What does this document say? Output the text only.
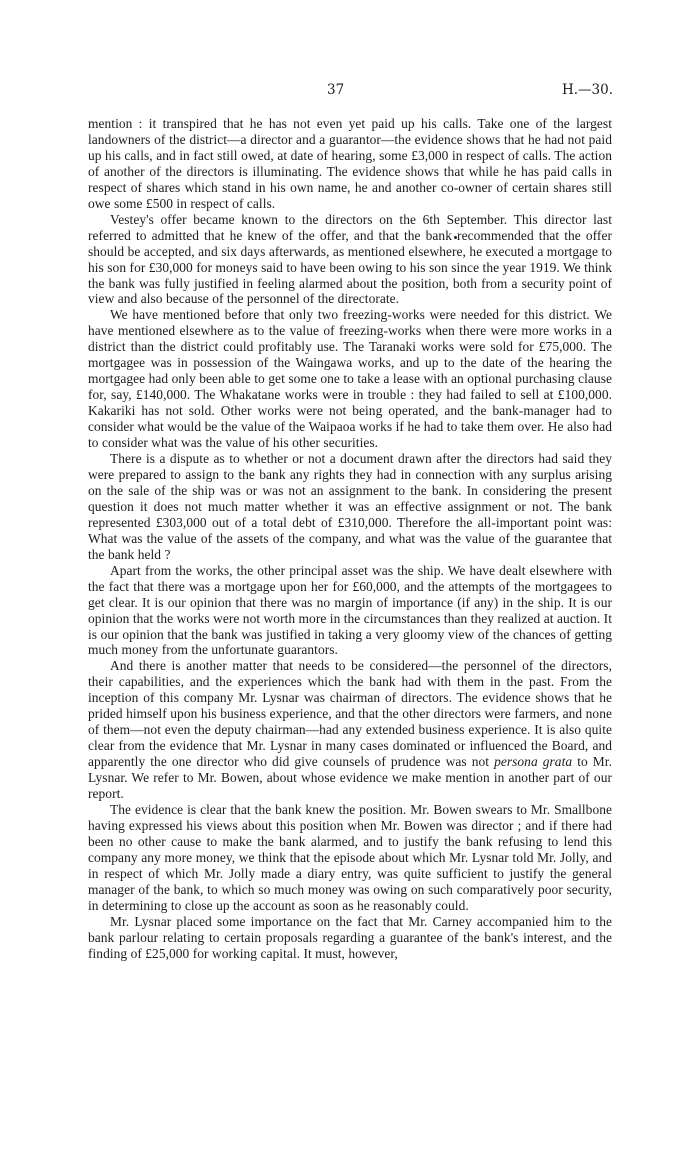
37	H.—30.

mention : it transpired that he has not even yet paid up his calls. Take one of the largest landowners of the district—a director and a guarantor—the evidence shows that he had not paid up his calls, and in fact still owed, at date of hearing, some £3,000 in respect of calls. The action of another of the directors is illuminating. The evidence shows that while he has paid calls in respect of shares which stand in his own name, he and another co-owner of certain shares still owe some £500 in respect of calls.

Vestey's offer became known to the directors on the 6th September. This director last referred to admitted that he knew of the offer, and that the bank recommended that the offer should be accepted, and six days afterwards, as mentioned elsewhere, he executed a mortgage to his son for £30,000 for moneys said to have been owing to his son since the year 1919. We think the bank was fully justified in feeling alarmed about the position, both from a security point of view and also because of the personnel of the directorate.

We have mentioned before that only two freezing-works were needed for this district. We have mentioned elsewhere as to the value of freezing-works when there were more works in a district than the district could profitably use. The Taranaki works were sold for £75,000. The mortgagee was in possession of the Waingawa works, and up to the date of the hearing the mortgagee had only been able to get some one to take a lease with an optional purchasing clause for, say, £140,000. The Whakatane works were in trouble : they had failed to sell at £100,000. Kakariki has not sold. Other works were not being operated, and the bank-manager had to consider what would be the value of the Waipaoa works if he had to take them over. He also had to consider what was the value of his other securities.

There is a dispute as to whether or not a document drawn after the directors had said they were prepared to assign to the bank any rights they had in connection with any surplus arising on the sale of the ship was or was not an assignment to the bank. In considering the present question it does not much matter whether it was an effective assignment or not. The bank represented £303,000 out of a total debt of £310,000. Therefore the all-important point was: What was the value of the assets of the company, and what was the value of the guarantee that the bank held ?

Apart from the works, the other principal asset was the ship. We have dealt elsewhere with the fact that there was a mortgage upon her for £60,000, and the attempts of the mortgagees to get clear. It is our opinion that there was no margin of importance (if any) in the ship. It is our opinion that the works were not worth more in the circumstances than they realized at auction. It is our opinion that the bank was justified in taking a very gloomy view of the chances of getting much money from the unfortunate guarantors.

And there is another matter that needs to be considered—the personnel of the directors, their capabilities, and the experiences which the bank had with them in the past. From the inception of this company Mr. Lysnar was chairman of directors. The evidence shows that he prided himself upon his business experience, and that the other directors were farmers, and none of them—not even the deputy chairman—had any extended business experience. It is also quite clear from the evidence that Mr. Lysnar in many cases dominated or influenced the Board, and apparently the one director who did give counsels of prudence was not persona grata to Mr. Lysnar. We refer to Mr. Bowen, about whose evidence we make mention in another part of our report.

The evidence is clear that the bank knew the position. Mr. Bowen swears to Mr. Smallbone having expressed his views about this position when Mr. Bowen was director ; and if there had been no other cause to make the bank alarmed, and to justify the bank refusing to lend this company any more money, we think that the episode about which Mr. Lysnar told Mr. Jolly, and in respect of which Mr. Jolly made a diary entry, was quite sufficient to justify the general manager of the bank, to which so much money was owing on such comparatively poor security, in determining to close up the account as soon as he reasonably could.

Mr. Lysnar placed some importance on the fact that Mr. Carney accompanied him to the bank parlour relating to certain proposals regarding a guarantee of the bank's interest, and the finding of £25,000 for working capital. It must, however,
